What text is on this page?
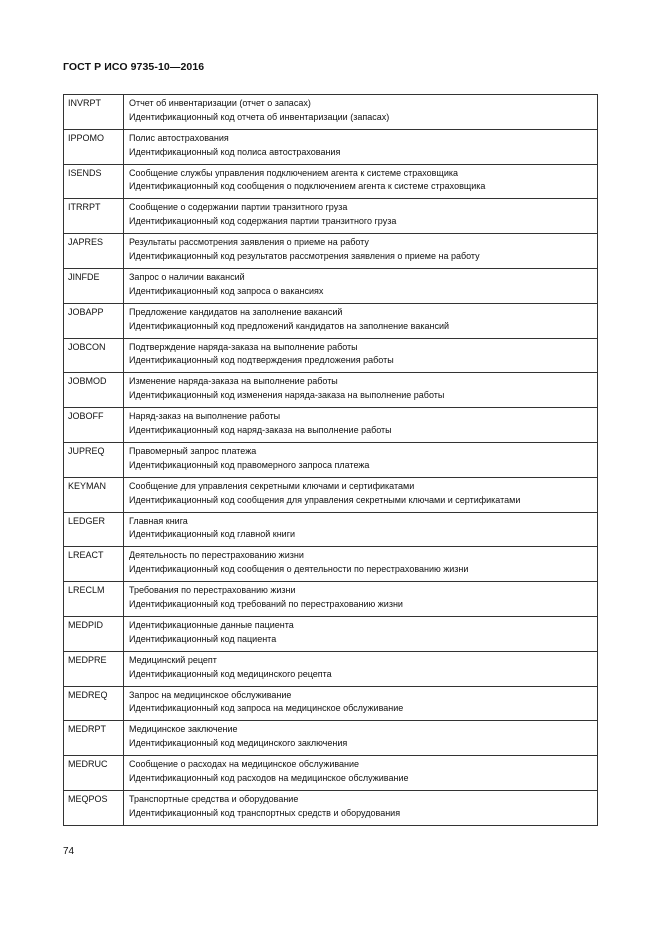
ГОСТ Р ИСО 9735-10—2016
INVRPT	Отчет об инвентаризации (отчет о запасах)
Идентификационный код отчета об инвентаризации (запасах)

IPPOMO	Полис автострахования
Идентификационный код полиса автострахования

ISENDS	Сообщение службы управления подключением агента к системе страховщика
Идентификационный код сообщения о подключением агента к системе страховщика

ITRRPT	Сообщение о содержании партии транзитного груза
Идентификационный код содержания партии транзитного груза

JAPRES	Результаты рассмотрения заявления о приеме на работу
Идентификационный код результатов рассмотрения заявления о приеме на работу

JINFDE	Запрос о наличии вакансий
Идентификационный код запроса о вакансиях

JOBAPP	Предложение кандидатов на заполнение вакансий
Идентификационный код предложений кандидатов на заполнение вакансий

JOBCON	Подтверждение наряда-заказа на выполнение работы
Идентификационный код подтверждения предложения работы

JOBMOD	Изменение наряда-заказа на выполнение работы
Идентификационный код изменения наряда-заказа на выполнение работы

JOBOFF	Наряд-заказ на выполнение работы
Идентификационный код наряд-заказа на выполнение работы

JUPREQ	Правомерный запрос платежа
Идентификационный код правомерного запроса платежа

KEYMAN	Сообщение для управления секретными ключами и сертификатами
Идентификационный код сообщения для управления секретными ключами и сертификатами

LEDGER	Главная книга
Идентификационный код главной книги

LREACT	Деятельность по перестрахованию жизни
Идентификационный код сообщения о деятельности по перестрахованию жизни

LRECLM	Требования по перестрахованию жизни
Идентификационный код требований по перестрахованию жизни

MEDPID	Идентификационные данные пациента
Идентификационный код пациента

MEDPRE	Медицинский рецепт
Идентификационный код медицинского рецепта

MEDREQ	Запрос на медицинское обслуживание
Идентификационный код запроса на медицинское обслуживание

MEDRPT	Медицинское заключение
Идентификационный код медицинского заключения

MEDRUC	Сообщение о расходах на медицинское обслуживание
Идентификационный код расходов на медицинское обслуживание

MEQPOS	Транспортные средства и оборудование
Идентификационный код транспортных средств и оборудования
74
